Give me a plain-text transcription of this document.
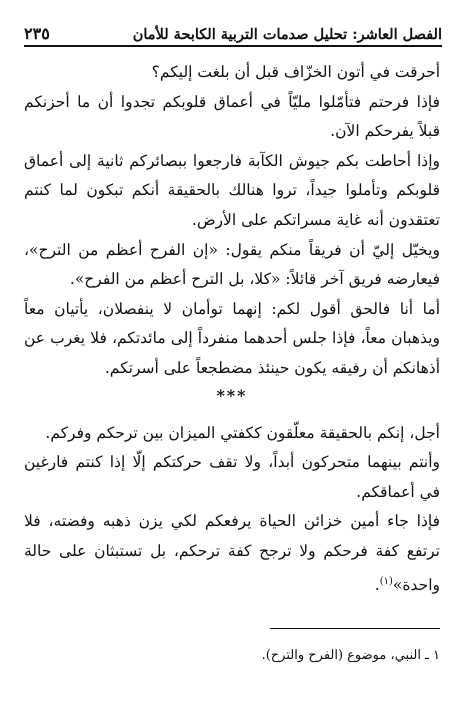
الفصل العاشر: تحليل صدمات التربية الكابحة للأمان
٢٣٥

أحرقت في أتون الخزّاف قبل أن بلغت إليكم؟

فإذا فرحتم فتأمّلوا مليّاً في أعماق قلوبكم تجدوا أن ما أحزنكم قبلاً يفرحكم الآن.

وإذا أحاطت بكم جيوش الكآبة فارجعوا ببصائركم ثانية إلى أعماق قلوبكم وتأملوا جيداً، تروا هنالك بالحقيقة أنكم تبكون لما كنتم تعتقدون أنه غاية مسراتكم على الأرض.

ويخيّل إليّ أن فريقاً منكم يقول: «إن الفرح أعظم من الترح»، فيعارضه فريق آخر قائلاً: «كلا، بل الترح أعظم من الفرح».

أما أنا فالحق أقول لكم: إنهما توأمان لا ينفصلان، يأتيان معاً ويذهبان معاً، فإذا جلس أحدهما منفرداً إلى مائدتكم، فلا يغرب عن أذهانكم أن رفيقه يكون حينئذ مضطجعاً على أسرتكم.

***

أجل، إنكم بالحقيقة معلّقون ككفتي الميزان بين ترحكم وفركم.

وأنتم بينهما متحركون أبداً، ولا تقف حركتكم إلّا إذا كنتم فارغين في أعماقكم.

فإذا جاء أمين خزائن الحياة يرفعكم لكي يزن ذهبه وفضته، فلا ترتفع كفة فرحكم ولا ترجح كفة ترحكم، بل تستبثان على حالة واحدة»$^{(١)}$.

١ ـ النبي، موضوع (الفرح والترح).
